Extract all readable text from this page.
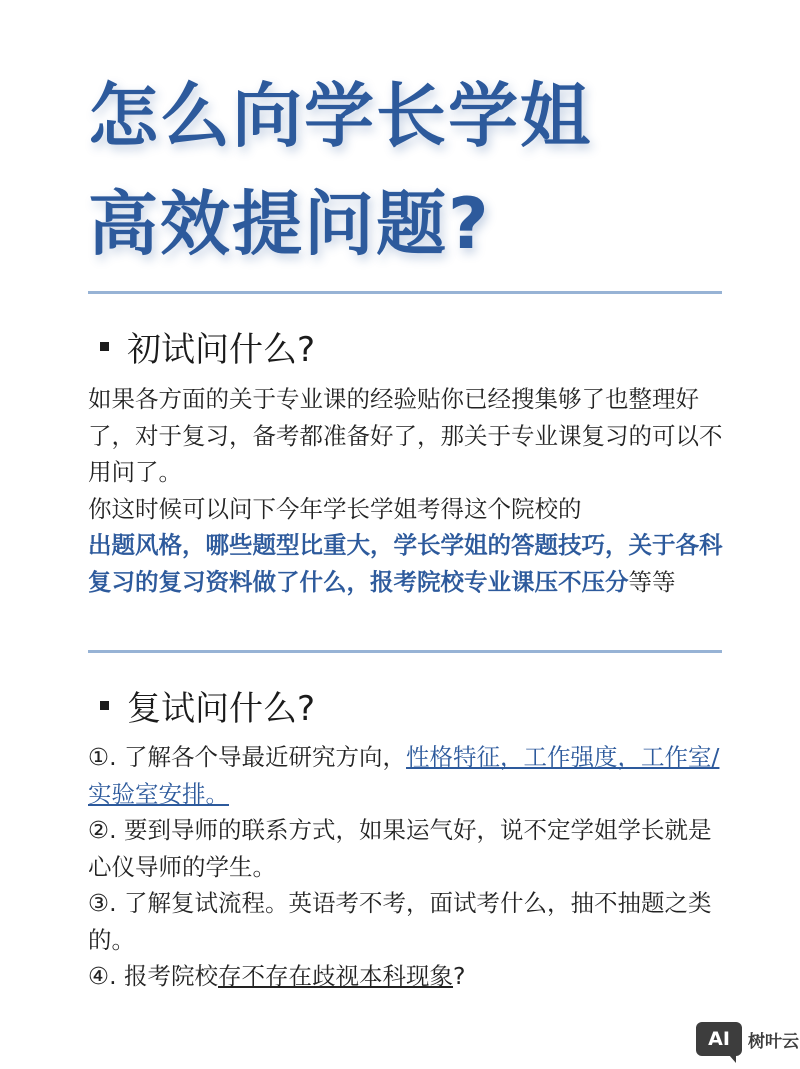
怎么向学长学姐
高效提问题?
初试问什么?

如果各方面的关于专业课的经验贴你已经搜集够了也整理好了，对于复习，备考都准备好了，那关于专业课复习的可以不用问了。

你这时候可以问下今年学长学姐考得这个院校的
出题风格，哪些题型比重大，学长学姐的答题技巧，关于各科复习的复习资料做了什么，报考院校专业课压不压分等等

复试问什么?

①. 了解各个导最近研究方向，性格特征，工作强度，工作室/实验室安排。

②. 要到导师的联系方式，如果运气好，说不定学姐学长就是心仪导师的学生。

③. 了解复试流程。英语考不考，面试考什么，抽不抽题之类的。

④. 报考院校存不存在歧视本科现象?

AI	树叶云
